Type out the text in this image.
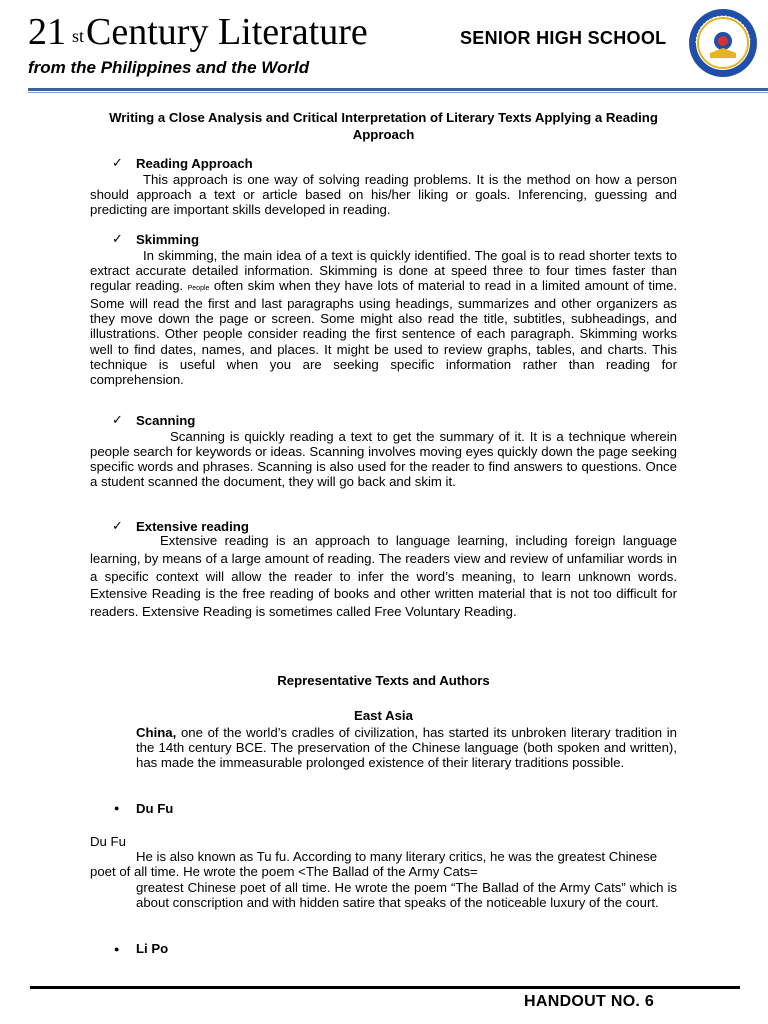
21 $^{st}$Century Literature	SENIOR HIGH SCHOOL
from the Philippines and the World
Writing a Close Analysis and Critical Interpretation of Literary Texts Applying a Reading Approach
✓ Reading Approach

This approach is one way of solving reading problems. It is the method on how a person should approach a text or article based on his/her liking or goals. Inferencing, guessing and predicting are important skills developed in reading.

✓ Skimming

In skimming, the main idea of a text is quickly identified. The goal is to read shorter texts to extract accurate detailed information. Skimming is done at speed three to four times faster than regular reading. People often skim when they have lots of material to read in a limited amount of time. Some will read the first and last paragraphs using headings, summarizes and other organizers as they move down the page or screen. Some might also read the title, subtitles, subheadings, and illustrations. Other people consider reading the first sentence of each paragraph. Skimming works well to find dates, names, and places. It might be used to review graphs, tables, and charts. This technique is useful when you are seeking specific information rather than reading for comprehension.

✓ Scanning

Scanning is quickly reading a text to get the summary of it. It is a technique wherein people search for keywords or ideas. Scanning involves moving eyes quickly down the page seeking specific words and phrases. Scanning is also used for the reader to find answers to questions. Once a student scanned the document, they will go back and skim it.

✓ Extensive reading

Extensive reading is an approach to language learning, including foreign language learning, by means of a large amount of reading. The readers view and review of unfamiliar words in a specific context will allow the reader to infer the word’s meaning, to learn unknown words. Extensive Reading is the free reading of books and other written material that is not too difficult for readers. Extensive Reading is sometimes called Free Voluntary Reading.

Representative Texts and Authors
East Asia

China, one of the world’s cradles of civilization, has started its unbroken literary tradition in the 14th century BCE. The preservation of the Chinese language (both spoken and written), has made the immeasurable prolonged existence of their literary traditions possible.

● Du Fu
Du Fu

He is also known as Tu fu. According to many literary critics, he was the greatest Chinese poet of all time. He wrote the poem <The Ballad of the Army Cats=

greatest Chinese poet of all time. He wrote the poem “The Ballad of the Army Cats” which is about conscription and with hidden satire that speaks of the noticeable luxury of the court.

● Li Po
HANDOUT NO. 6
